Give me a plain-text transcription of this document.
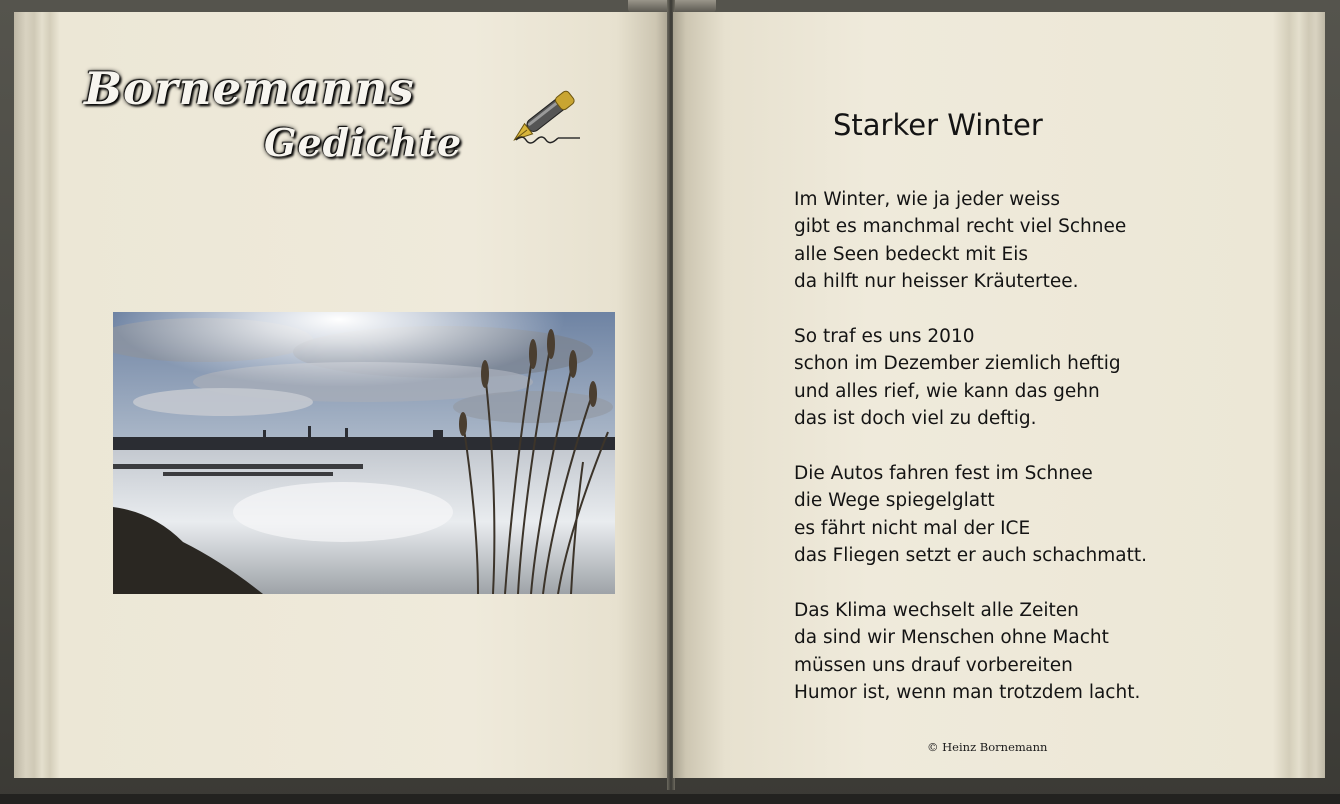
Bornemanns
Gedichte	Starker Winter
Im Winter, wie ja jeder weiss
gibt es manchmal recht viel Schnee
alle Seen bedeckt mit Eis
da hilft nur heisser Kräutertee.
So traf es uns 2010
schon im Dezember ziemlich heftig
und alles rief, wie kann das gehn
das ist doch viel zu deftig.
Die Autos fahren fest im Schnee
die Wege spiegelglatt
es fährt nicht mal der ICE
das Fliegen setzt er auch schachmatt.
Das Klima wechselt alle Zeiten
da sind wir Menschen ohne Macht
müssen uns drauf vorbereiten
Humor ist, wenn man trotzdem lacht.
© Heinz Bornemann
